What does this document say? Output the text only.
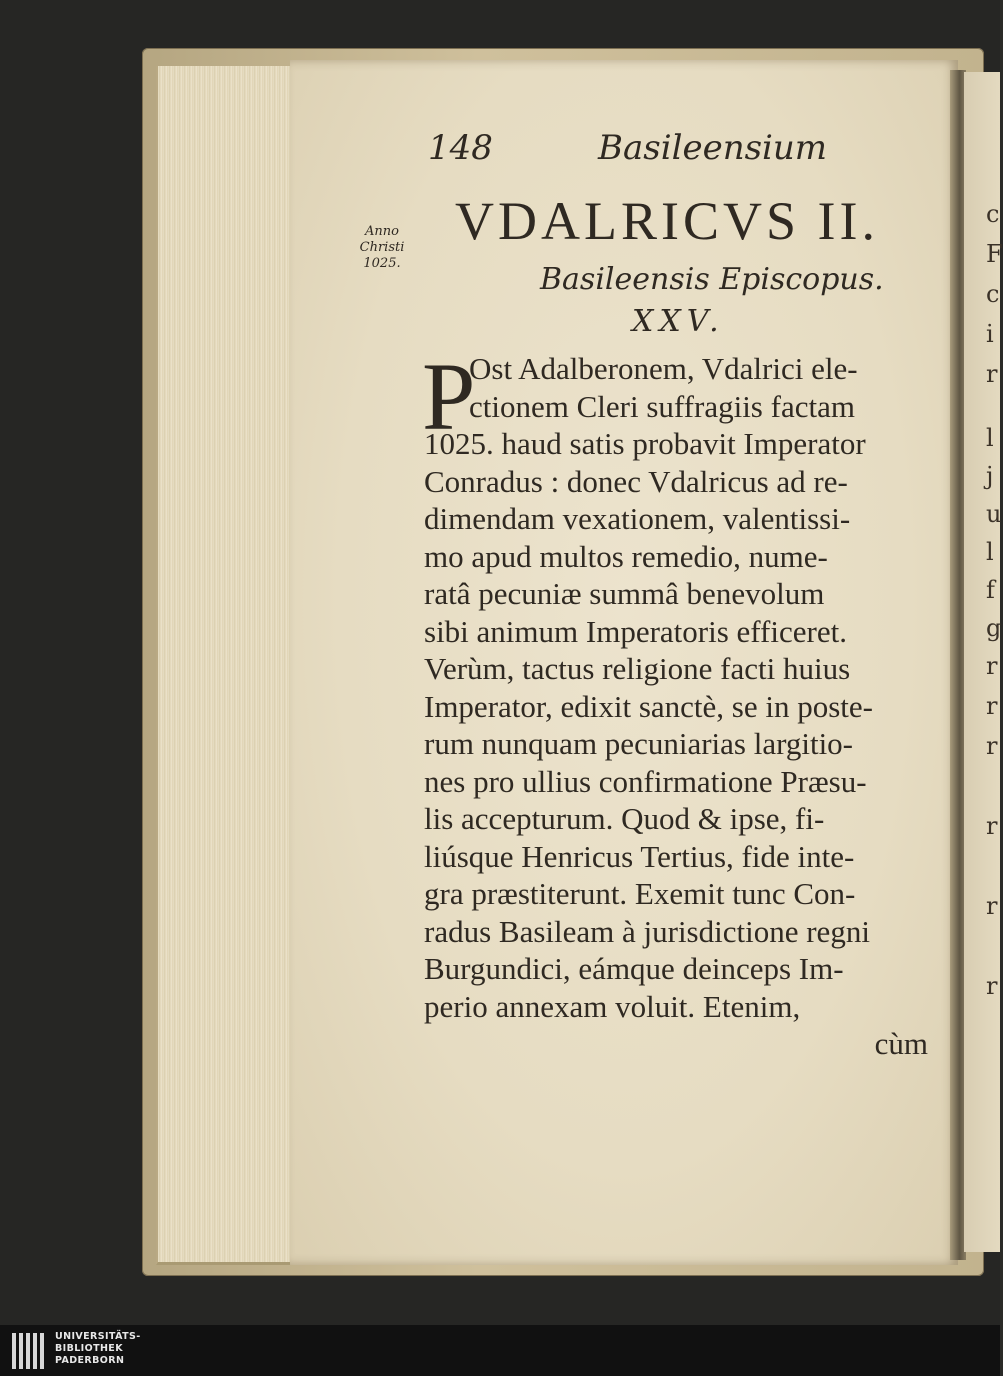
c
F
c
i
r
l
j
u
l
f
g
r
r
r
r
r
r
148	Basileensium
Anno
Christi
1025.
VDALRICVS II.
Basileensis Episcopus.
XXV.
P
Ost Adalberonem, Vdalrici ele-
ctionem Cleri suffragiis factam
1025. haud satis probavit Imperator
Conradus : donec Vdalricus ad re-
dimendam vexationem, valentissi-
mo apud multos remedio, nume-
ratâ pecuniæ summâ benevolum
sibi animum Imperatoris efficeret.
Verùm, tactus religione facti huius
Imperator, edixit sanctè, se in poste-
rum nunquam pecuniarias largitio-
nes pro ullius confirmatione Præsu-
lis accepturum. Quod & ipse, fi-
liúsque Henricus Tertius, fide inte-
gra præstiterunt. Exemit tunc Con-
radus Basileam à jurisdictione regni
Burgundici, eámque deinceps Im-
perio annexam voluit. Etenim,
cùm
UNIVERSITÄTS-
BIBLIOTHEK
PADERBORN
